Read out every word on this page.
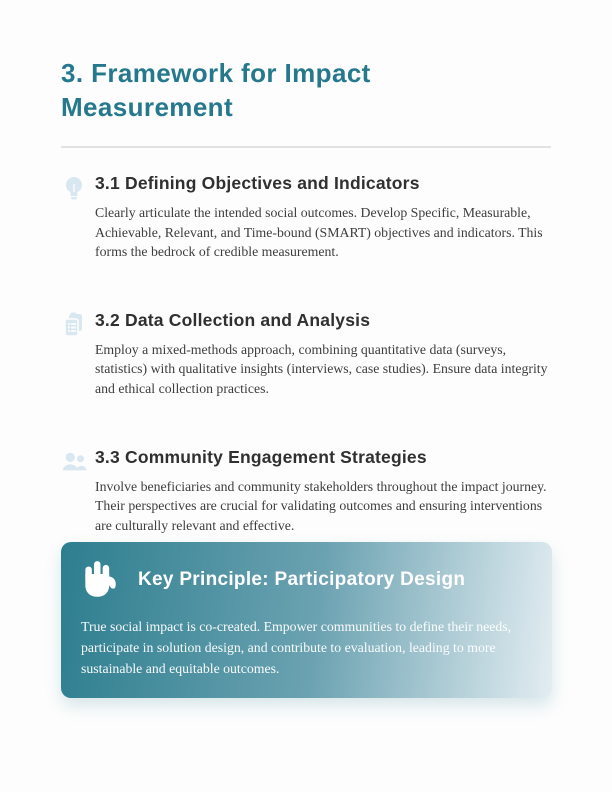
3. Framework for Impact Measurement
3.1 Defining Objectives and Indicators

Clearly articulate the intended social outcomes. Develop Specific, Measurable, Achievable, Relevant, and Time-bound (SMART) objectives and indicators. This forms the bedrock of credible measurement.

3.2 Data Collection and Analysis

Employ a mixed-methods approach, combining quantitative data (surveys, statistics) with qualitative insights (interviews, case studies). Ensure data integrity and ethical collection practices.

3.3 Community Engagement Strategies

Involve beneficiaries and community stakeholders throughout the impact journey. Their perspectives are crucial for validating outcomes and ensuring interventions are culturally relevant and effective.

Key Principle: Participatory Design

True social impact is co-created. Empower communities to define their needs, participate in solution design, and contribute to evaluation, leading to more sustainable and equitable outcomes.
